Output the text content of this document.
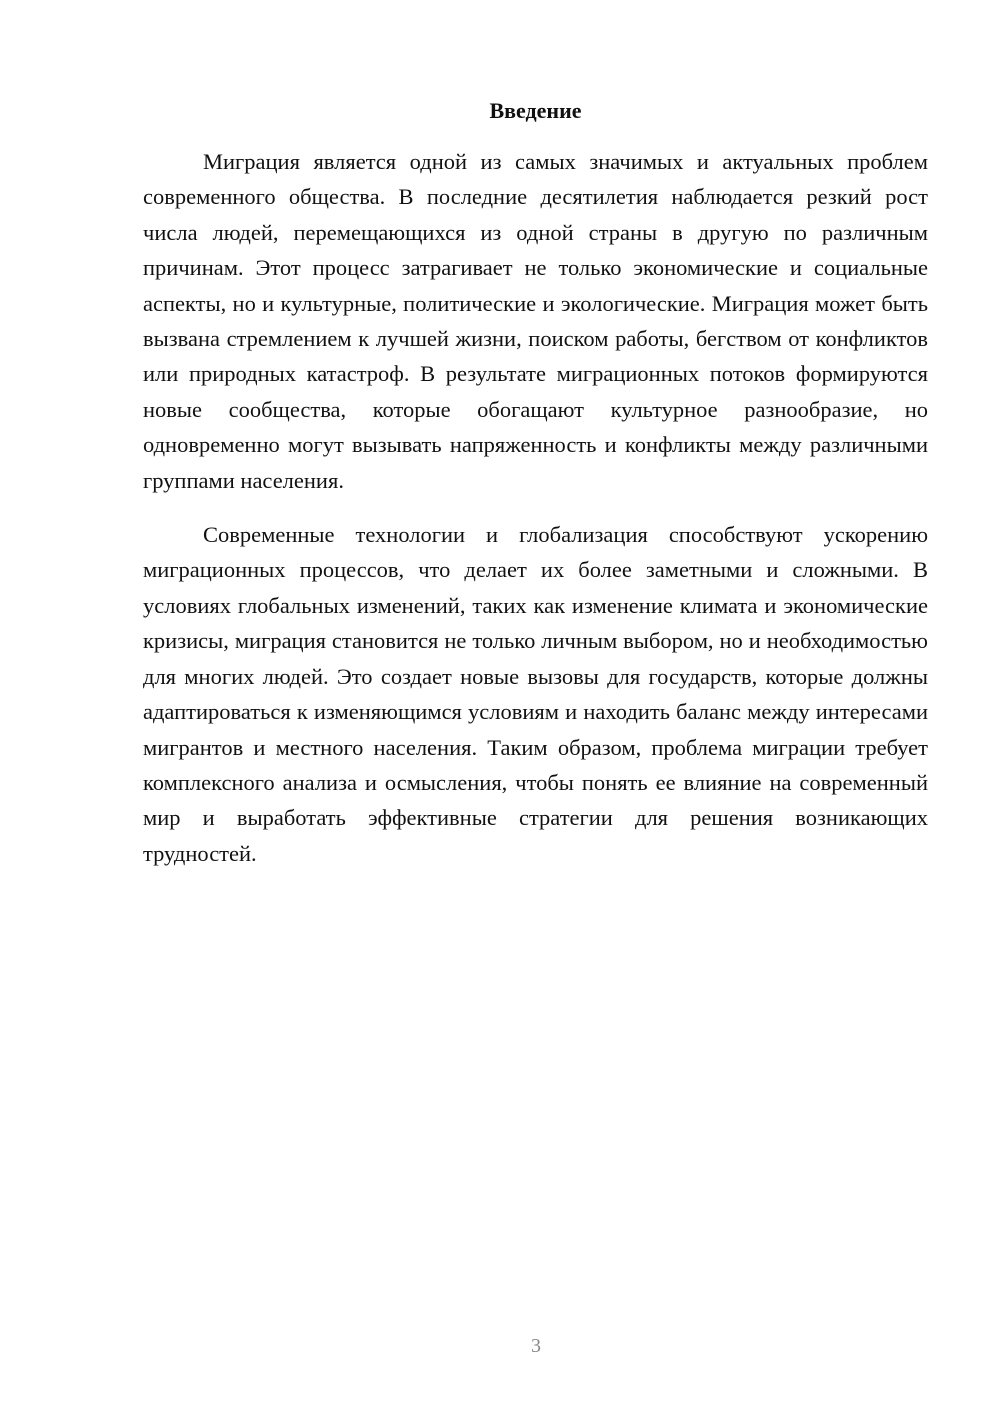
Введение

Миграция является одной из самых значимых и актуальных проблем современного общества. В последние десятилетия наблюдается резкий рост числа людей, перемещающихся из одной страны в другую по различным причинам. Этот процесс затрагивает не только экономические и социальные аспекты, но и культурные, политические и экологические. Миграция может быть вызвана стремлением к лучшей жизни, поиском работы, бегством от конфликтов или природных катастроф. В результате миграционных потоков формируются новые сообщества, которые обогащают культурное разнообразие, но одновременно могут вызывать напряженность и конфликты между различными группами населения.

Современные технологии и глобализация способствуют ускорению миграционных процессов, что делает их более заметными и сложными. В условиях глобальных изменений, таких как изменение климата и экономические кризисы, миграция становится не только личным выбором, но и необходимостью для многих людей. Это создает новые вызовы для государств, которые должны адаптироваться к изменяющимся условиям и находить баланс между интересами мигрантов и местного населения. Таким образом, проблема миграции требует комплексного анализа и осмысления, чтобы понять ее влияние на современный мир и выработать эффективные стратегии для решения возникающих трудностей.

3
